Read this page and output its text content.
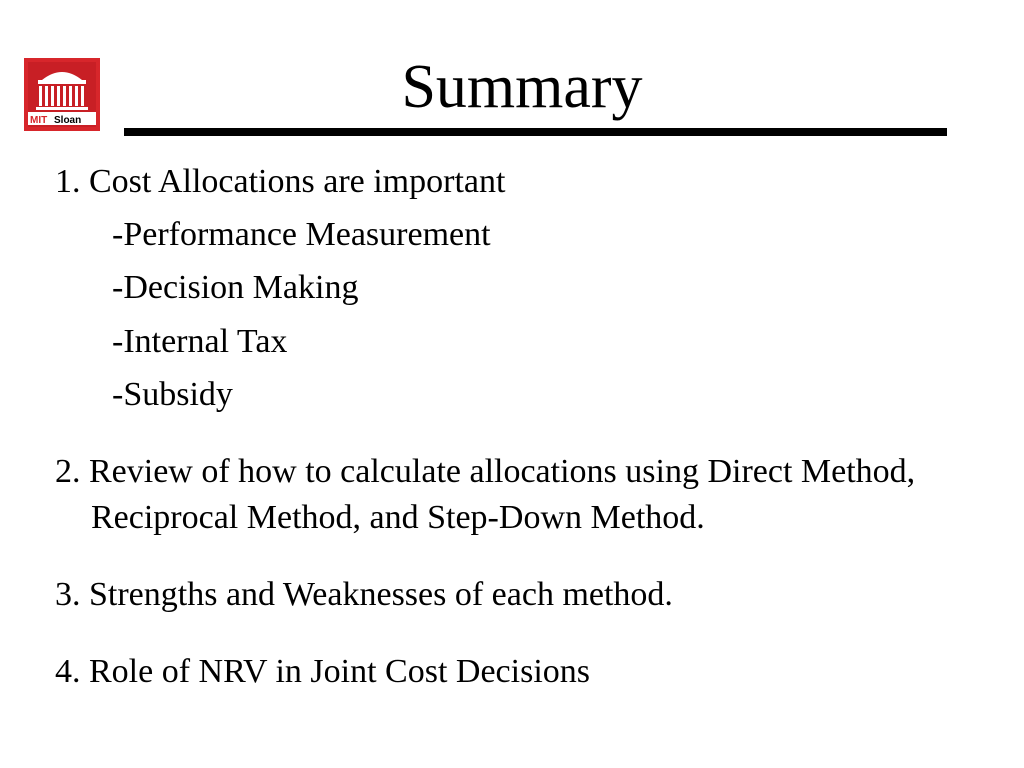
MIT Sloan	Summary
1. Cost Allocations are important
-Performance Measurement
-Decision Making
-Internal Tax
-Subsidy
2. Review of how to calculate allocations using Direct Method,
Reciprocal Method, and Step-Down Method.
3. Strengths and Weaknesses of each method.
4. Role of NRV in Joint Cost Decisions
